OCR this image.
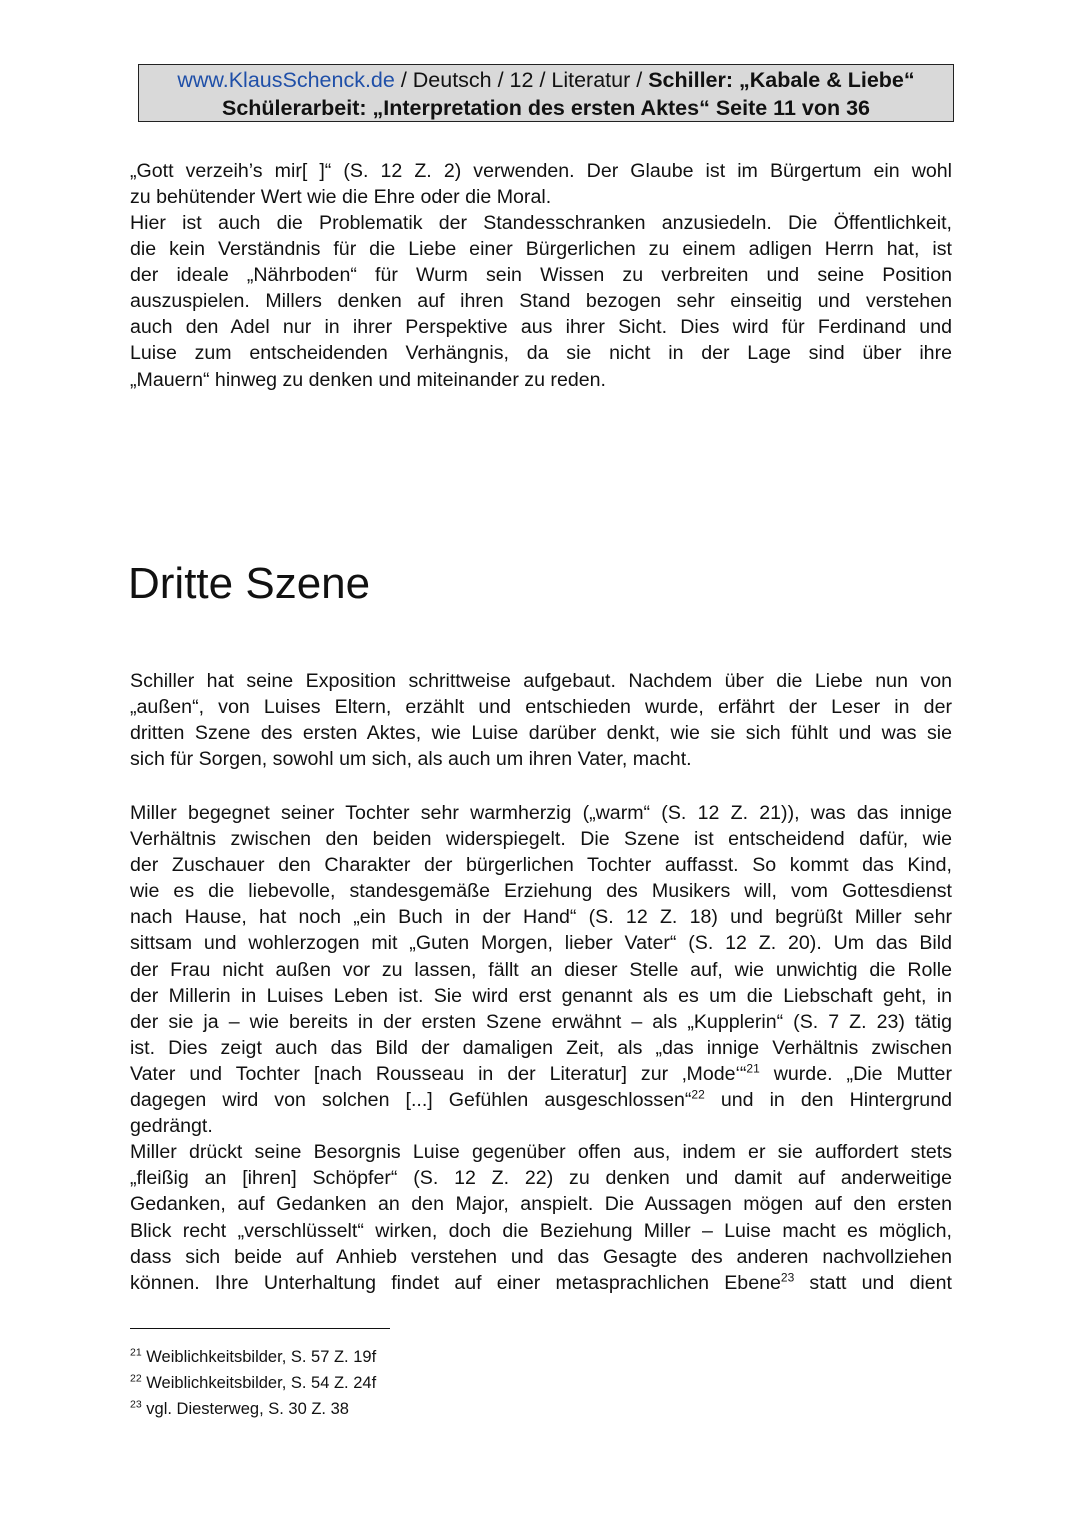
www.KlausSchenck.de / Deutsch / 12 / Literatur / Schiller: „Kabale & Liebe“
Schülerarbeit: „Interpretation des ersten Aktes“ Seite 11 von 36
„Gott verzeih’s mir[ ]“ (S. 12 Z. 2) verwenden. Der Glaube ist im Bürgertum ein wohl
zu behütender Wert wie die Ehre oder die Moral.
Hier ist auch die Problematik der Standesschranken anzusiedeln. Die Öffentlichkeit,
die kein Verständnis für die Liebe einer Bürgerlichen zu einem adligen Herrn hat, ist
der ideale „Nährboden“ für Wurm sein Wissen zu verbreiten und seine Position
auszuspielen. Millers denken auf ihren Stand bezogen sehr einseitig und verstehen
auch den Adel nur in ihrer Perspektive aus ihrer Sicht. Dies wird für Ferdinand und
Luise zum entscheidenden Verhängnis, da sie nicht in der Lage sind über ihre
„Mauern“ hinweg zu denken und miteinander zu reden.
Dritte Szene
Schiller hat seine Exposition schrittweise aufgebaut. Nachdem über die Liebe nun von
„außen“, von Luises Eltern, erzählt und entschieden wurde, erfährt der Leser in der
dritten Szene des ersten Aktes, wie Luise darüber denkt, wie sie sich fühlt und was sie
sich für Sorgen, sowohl um sich, als auch um ihren Vater, macht.
Miller begegnet seiner Tochter sehr warmherzig („warm“ (S. 12 Z. 21)), was das innige
Verhältnis zwischen den beiden widerspiegelt. Die Szene ist entscheidend dafür, wie
der Zuschauer den Charakter der bürgerlichen Tochter auffasst. So kommt das Kind,
wie es die liebevolle, standesgemäße Erziehung des Musikers will, vom Gottesdienst
nach Hause, hat noch „ein Buch in der Hand“ (S. 12 Z. 18) und begrüßt Miller sehr
sittsam und wohlerzogen mit „Guten Morgen, lieber Vater“ (S. 12 Z. 20). Um das Bild
der Frau nicht außen vor zu lassen, fällt an dieser Stelle auf, wie unwichtig die Rolle
der Millerin in Luises Leben ist. Sie wird erst genannt als es um die Liebschaft geht, in
der sie ja – wie bereits in der ersten Szene erwähnt – als „Kupplerin“ (S. 7 Z. 23) tätig
ist. Dies zeigt auch das Bild der damaligen Zeit, als „das innige Verhältnis zwischen
Vater und Tochter [nach Rousseau in der Literatur] zur ‚Mode‘“$^{21}$ wurde. „Die Mutter
dagegen wird von solchen [...] Gefühlen ausgeschlossen“$^{22}$ und in den Hintergrund
gedrängt.
Miller drückt seine Besorgnis Luise gegenüber offen aus, indem er sie auffordert stets
„fleißig an [ihren] Schöpfer“ (S. 12 Z. 22) zu denken und damit auf anderweitige
Gedanken, auf Gedanken an den Major, anspielt. Die Aussagen mögen auf den ersten
Blick recht „verschlüsselt“ wirken, doch die Beziehung Miller – Luise macht es möglich,
dass sich beide auf Anhieb verstehen und das Gesagte des anderen nachvollziehen
können. Ihre Unterhaltung findet auf einer metasprachlichen Ebene$^{23}$ statt und dient
$^{21}$ Weiblichkeitsbilder, S. 57 Z. 19f
$^{22}$ Weiblichkeitsbilder, S. 54 Z. 24f
$^{23}$ vgl. Diesterweg, S. 30 Z. 38
